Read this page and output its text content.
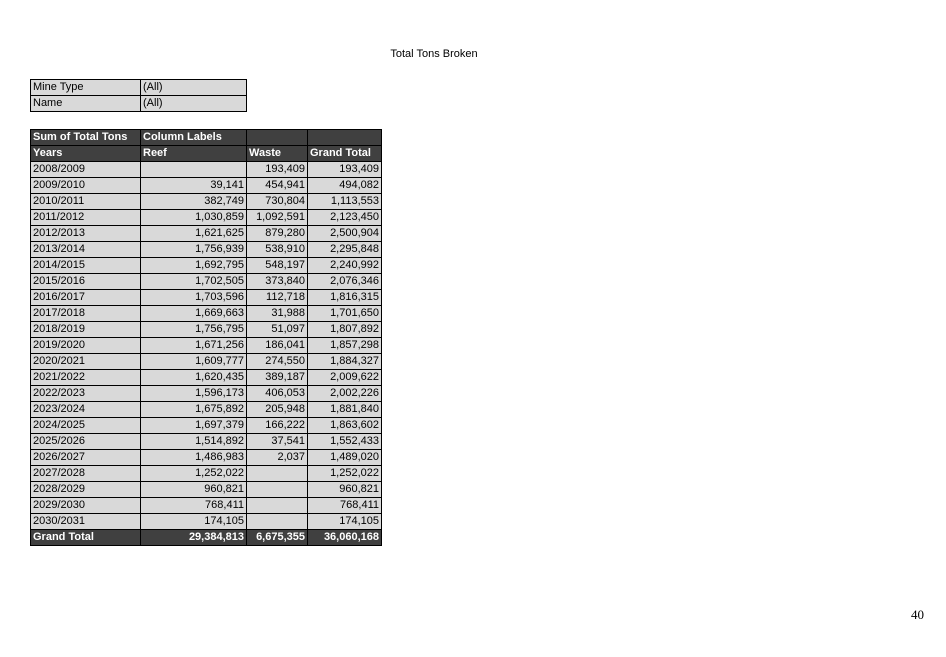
Total Tons Broken
Mine Type	(All)
Name	(All)
Sum of Total Tons	Column Labels		
Years	Reef	Waste	Grand Total
2008/2009		193,409	193,409
2009/2010	39,141	454,941	494,082
2010/2011	382,749	730,804	1,113,553
2011/2012	1,030,859	1,092,591	2,123,450
2012/2013	1,621,625	879,280	2,500,904
2013/2014	1,756,939	538,910	2,295,848
2014/2015	1,692,795	548,197	2,240,992
2015/2016	1,702,505	373,840	2,076,346
2016/2017	1,703,596	112,718	1,816,315
2017/2018	1,669,663	31,988	1,701,650
2018/2019	1,756,795	51,097	1,807,892
2019/2020	1,671,256	186,041	1,857,298
2020/2021	1,609,777	274,550	1,884,327
2021/2022	1,620,435	389,187	2,009,622
2022/2023	1,596,173	406,053	2,002,226
2023/2024	1,675,892	205,948	1,881,840
2024/2025	1,697,379	166,222	1,863,602
2025/2026	1,514,892	37,541	1,552,433
2026/2027	1,486,983	2,037	1,489,020
2027/2028	1,252,022		1,252,022
2028/2029	960,821		960,821
2029/2030	768,411		768,411
2030/2031	174,105		174,105
Grand Total	29,384,813	6,675,355	36,060,168
40
